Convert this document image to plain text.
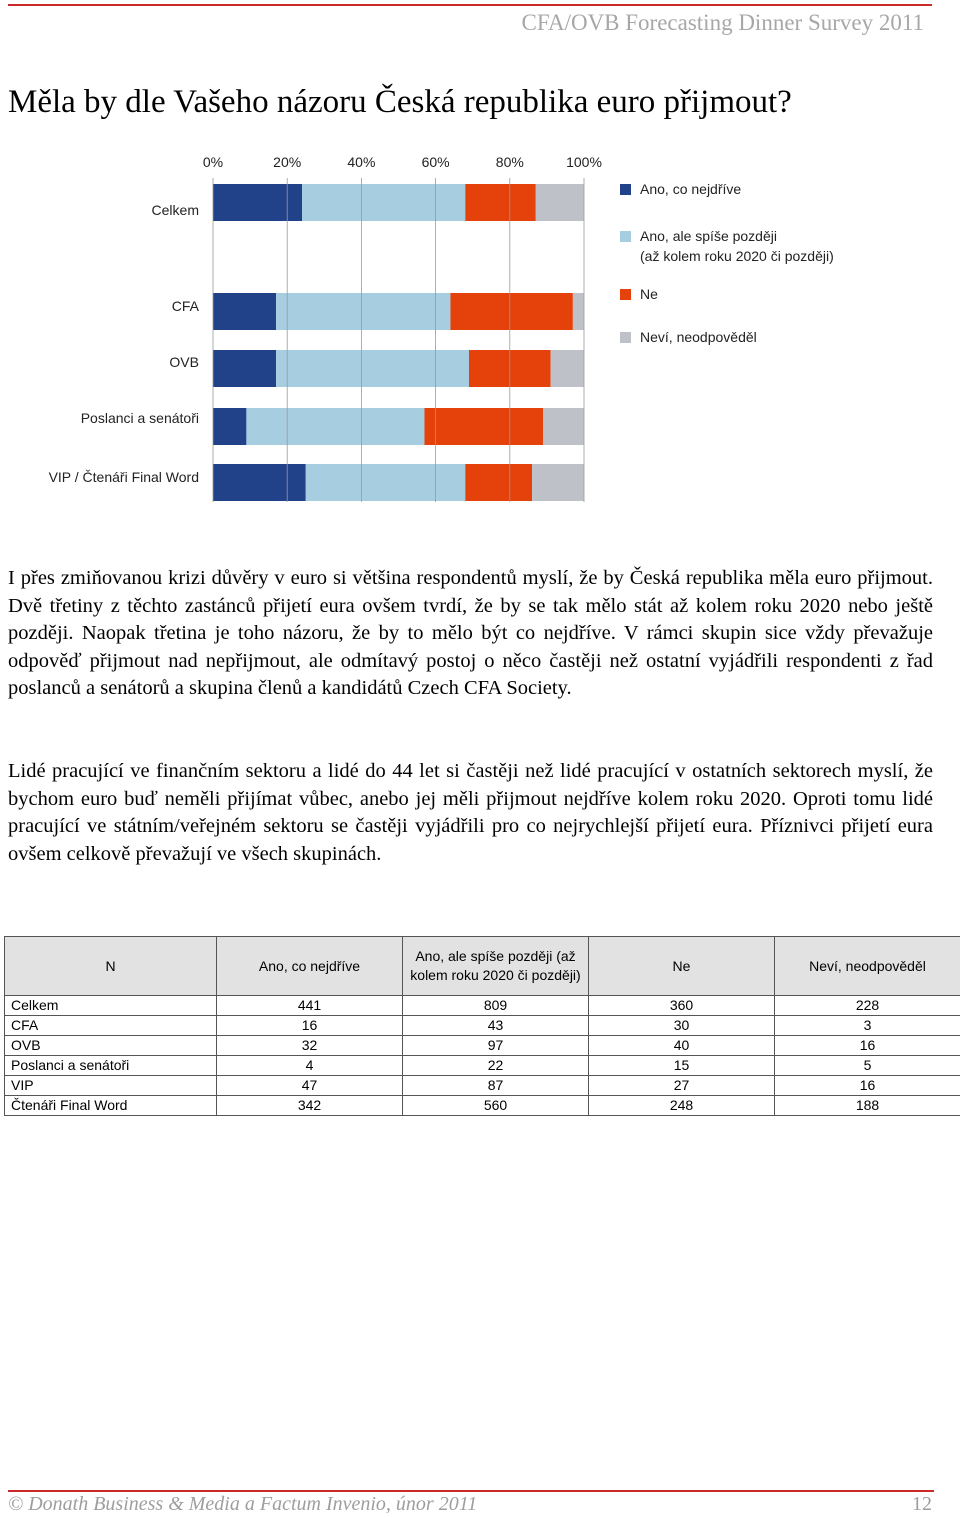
CFA/OVB Forecasting Dinner Survey 2011
Měla by dle Vašeho názoru Česká republika euro přijmout?
0%	20%	40%	60%	80%	100%
Celkem
CFA
OVB
Poslanci a senátoři
VIP / Čtenáři Final Word
Ano, co nejdříve
Ano, ale spíše později
(až kolem roku 2020 či později)
Ne
Neví, neodpověděl

I přes zmiňovanou krizi důvěry v euro si většina respondentů myslí, že by Česká republika měla euro přijmout. Dvě třetiny z těchto zastánců přijetí eura ovšem tvrdí, že by se tak mělo stát až kolem roku 2020 nebo ještě později. Naopak třetina je toho názoru, že by to mělo být co nejdříve. V rámci skupin sice vždy převažuje odpověď přijmout nad nepřijmout, ale odmítavý postoj o něco častěji než ostatní vyjádřili respondenti z řad poslanců a senátorů a skupina členů a kandidátů Czech CFA Society.

Lidé pracující ve finančním sektoru a lidé do 44 let si častěji než lidé pracující v ostatních sektorech myslí, že bychom euro buď neměli přijímat vůbec, anebo jej měli přijmout nejdříve kolem roku 2020. Oproti tomu lidé pracující ve státním/veřejném sektoru se častěji vyjádřili pro co nejrychlejší přijetí eura. Příznivci přijetí eura ovšem celkově převažují ve všech skupinách.

N	Ano, co nejdříve	Ano, ale spíše později (až kolem roku 2020 či později)	Ne	Neví, neodpověděl
Celkem	441	809	360	228
CFA	16	43	30	3
OVB	32	97	40	16
Poslanci a senátoři	4	22	15	5
VIP	47	87	27	16
Čtenáři Final Word	342	560	248	188
© Donath Business & Media a Factum Invenio, únor 2011	12
